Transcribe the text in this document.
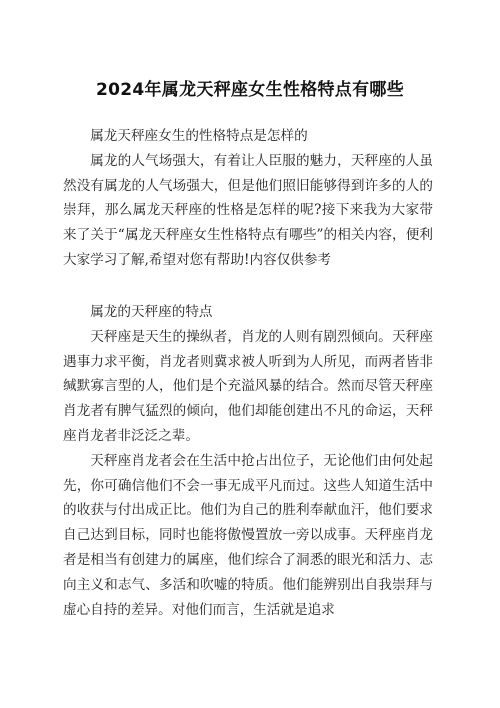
2024年属龙天秤座女生性格特点有哪些

属龙天秤座女生的性格特点是怎样的

属龙的人气场强大，有着让人臣服的魅力，天秤座的人虽然没有属龙的人气场强大，但是他们照旧能够得到许多的人的崇拜，那么属龙天秤座的性格是怎样的呢?接下来我为大家带来了关于“属龙天秤座女生性格特点有哪些”的相关内容，便利大家学习了解,希望对您有帮助!内容仅供参考

属龙的天秤座的特点

天秤座是天生的操纵者，肖龙的人则有剧烈倾向。天秤座遇事力求平衡，肖龙者则冀求被人听到为人所见，而两者皆非缄默寡言型的人，他们是个充溢风暴的结合。然而尽管天秤座肖龙者有脾气猛烈的倾向，他们却能创建出不凡的命运，天秤座肖龙者非泛泛之辈。

天秤座肖龙者会在生活中抢占出位子，无论他们由何处起先，你可确信他们不会一事无成平凡而过。这些人知道生活中的收获与付出成正比。他们为自己的胜利奉献血汗，他们要求自己达到目标，同时也能将傲慢置放一旁以成事。天秤座肖龙者是相当有创建力的属座，他们综合了洞悉的眼光和活力、志向主义和志气、多活和吹嘘的特质。他们能辨别出自我崇拜与虚心自持的差异。对他们而言，生活就是追求
